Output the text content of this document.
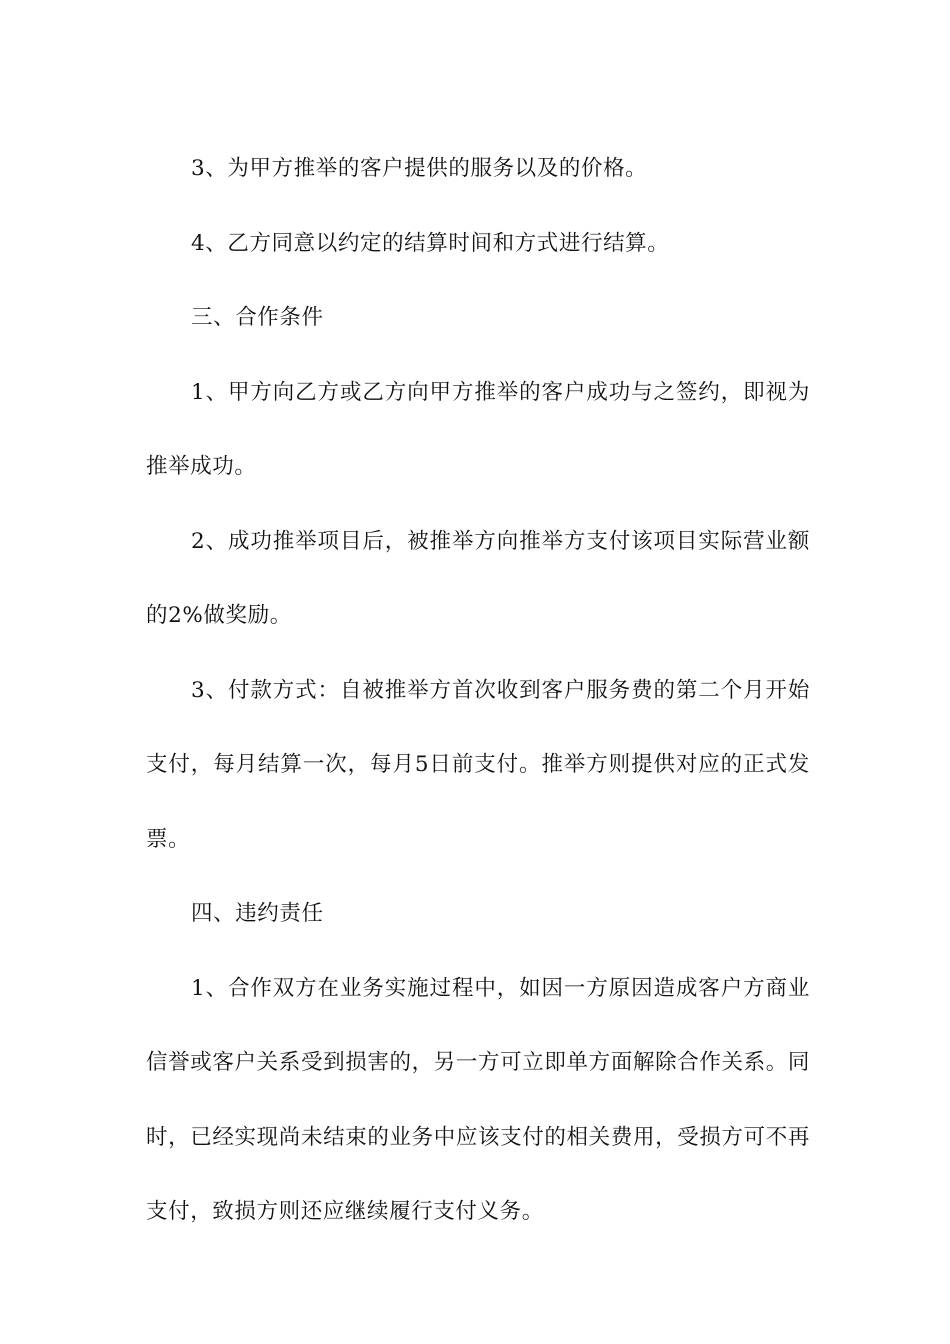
3、为甲方推举的客户提供的服务以及的价格。

4、乙方同意以约定的结算时间和方式进行结算。

三、合作条件

1、甲方向乙方或乙方向甲方推举的客户成功与之签约，即视为推举成功。

2、成功推举项目后，被推举方向推举方支付该项目实际营业额的2%做奖励。

3、付款方式：自被推举方首次收到客户服务费的第二个月开始支付，每月结算一次，每月5日前支付。推举方则提供对应的正式发票。

四、违约责任

1、合作双方在业务实施过程中，如因一方原因造成客户方商业信誉或客户关系受到损害的，另一方可立即单方面解除合作关系。同时，已经实现尚未结束的业务中应该支付的相关费用，受损方可不再支付，致损方则还应继续履行支付义务。
